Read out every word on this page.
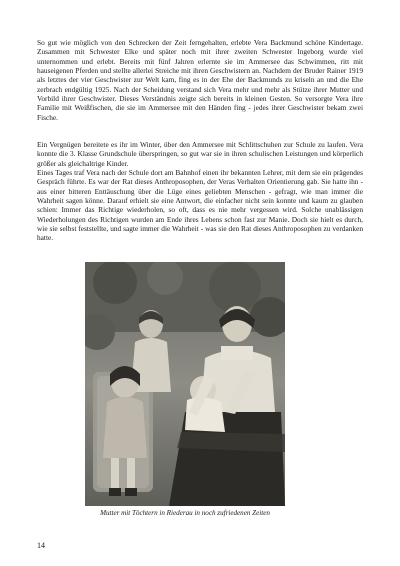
So gut wie möglich von den Schrecken der Zeit ferngehalten, erlebte Vera Backmund schöne Kindertage. Zusammen mit Schwester Elke und später noch mit ihrer zweiten Schwester Ingeborg wurde viel unternommen und erlebt. Bereits mit fünf Jahren erlernte sie im Ammersee das Schwimmen, ritt mit hauseigenen Pferden und stellte allerlei Streiche mit ihren Geschwistern an. Nachdem der Bruder Rainer 1919 als letztes der vier Geschwister zur Welt kam, fing es in der Ehe der Backmunds zu kriseln an und die Ehe zerbrach endgültig 1925. Nach der Scheidung verstand sich Vera mehr und mehr als Stütze ihrer Mutter und Vorbild ihrer Geschwister. Dieses Verständnis zeigte sich bereits in kleinen Gesten. So versorgte Vera ihre Familie mit Weißfischen, die sie im Ammersee mit den Händen fing - jedes ihrer Geschwister bekam zwei Fische.

Ein Vergnügen bereitete es ihr im Winter, über den Ammersee mit Schlittschuhen zur Schule zu laufen. Vera konnte die 3. Klasse Grundschule überspringen, so gut war sie in ihren schulischen Leistungen und körperlich größer als gleichaltrige Kinder.

Eines Tages traf Vera nach der Schule dort am Bahnhof einen ihr bekannten Lehrer, mit dem sie ein prägendes Gespräch führte. Es war der Rat dieses Anthroposophen, der Veras Verhalten Orientierung gab. Sie hatte ihn - aus einer bitteren Enttäuschung über die Lüge eines geliebten Menschen - gefragt, wie man immer die Wahrheit sagen könne. Darauf erhielt sie eine Antwort, die einfacher nicht sein konnte und kaum zu glauben schien: Immer das Richtige wiederholen, so oft, dass es nie mehr vergessen wird. Solche unablässigen Wiederholungen des Richtigen wurden am Ende ihres Lebens schon fast zur Manie. Doch sie hielt es durch, wie sie selbst feststellte, und sagte immer die Wahrheit - was sie den Rat dieses Anthroposophen zu verdanken hatte.

Mutter mit Töchtern in Riederau in noch zufriedenen Zeiten
14
